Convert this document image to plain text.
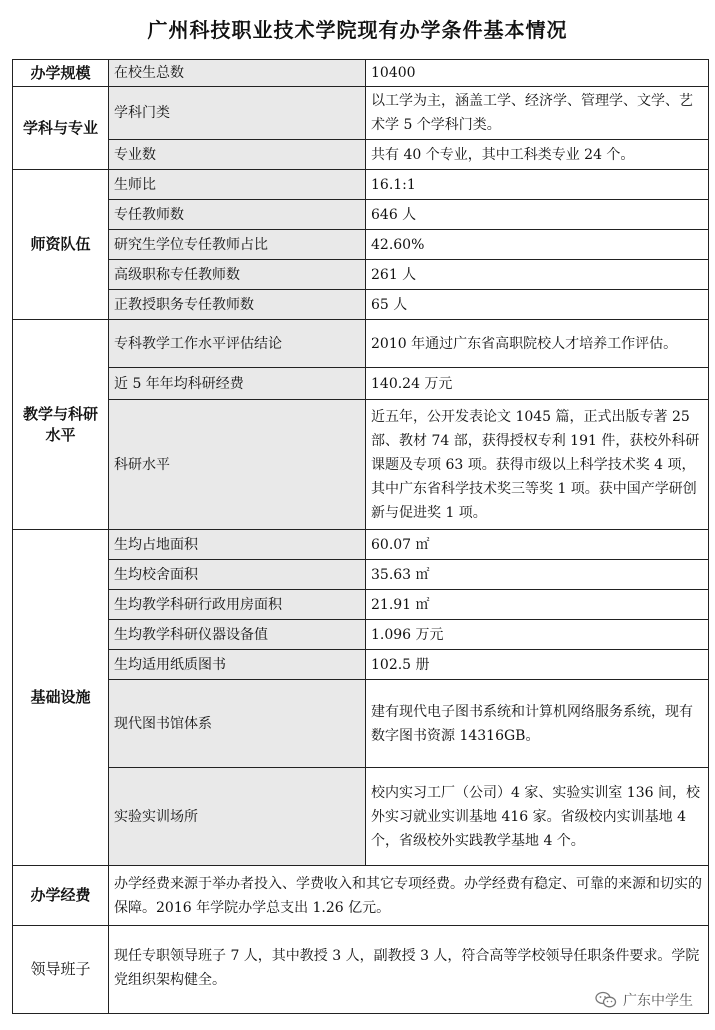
广州科技职业技术学院现有办学条件基本情况
办学规模	在校生总数	10400
学科与专业	学科门类	以工学为主，涵盖工学、经济学、管理学、文学、艺术学 5 个学科门类。
	专业数	共有 40 个专业，其中工科类专业 24 个。
师资队伍	生师比	16.1:1
	专任教师数	646 人
	研究生学位专任教师占比	42.60%
	高级职称专任教师数	261 人
	正教授职务专任教师数	65 人
教学与科研水平	专科教学工作水平评估结论	2010 年通过广东省高职院校人才培养工作评估。
	近 5 年年均科研经费	140.24 万元
	科研水平	近五年，公开发表论文 1045 篇，正式出版专著 25 部、教材 74 部，获得授权专利 191 件，获校外科研课题及专项 63 项。获得市级以上科学技术奖 4 项，其中广东省科学技术奖三等奖 1 项。获中国产学研创新与促进奖 1 项。
基础设施	生均占地面积	60.07 ㎡
	生均校舍面积	35.63 ㎡
	生均教学科研行政用房面积	21.91 ㎡
	生均教学科研仪器设备值	1.096 万元
	生均适用纸质图书	102.5 册
	现代图书馆体系	建有现代电子图书系统和计算机网络服务系统，现有数字图书资源 14316GB。
	实验实训场所	校内实习工厂（公司）4 家、实验实训室 136 间，校外实习就业实训基地 416 家。省级校内实训基地 4 个，省级校外实践教学基地 4 个。
办学经费	办学经费来源于举办者投入、学费收入和其它专项经费。办学经费有稳定、可靠的来源和切实的保障。2016 年学院办学总支出 1.26 亿元。	
领导班子	现任专职领导班子 7 人，其中教授 3 人，副教授 3 人，符合高等学校领导任职条件要求。学院党组织架构健全。	
广东中学生
